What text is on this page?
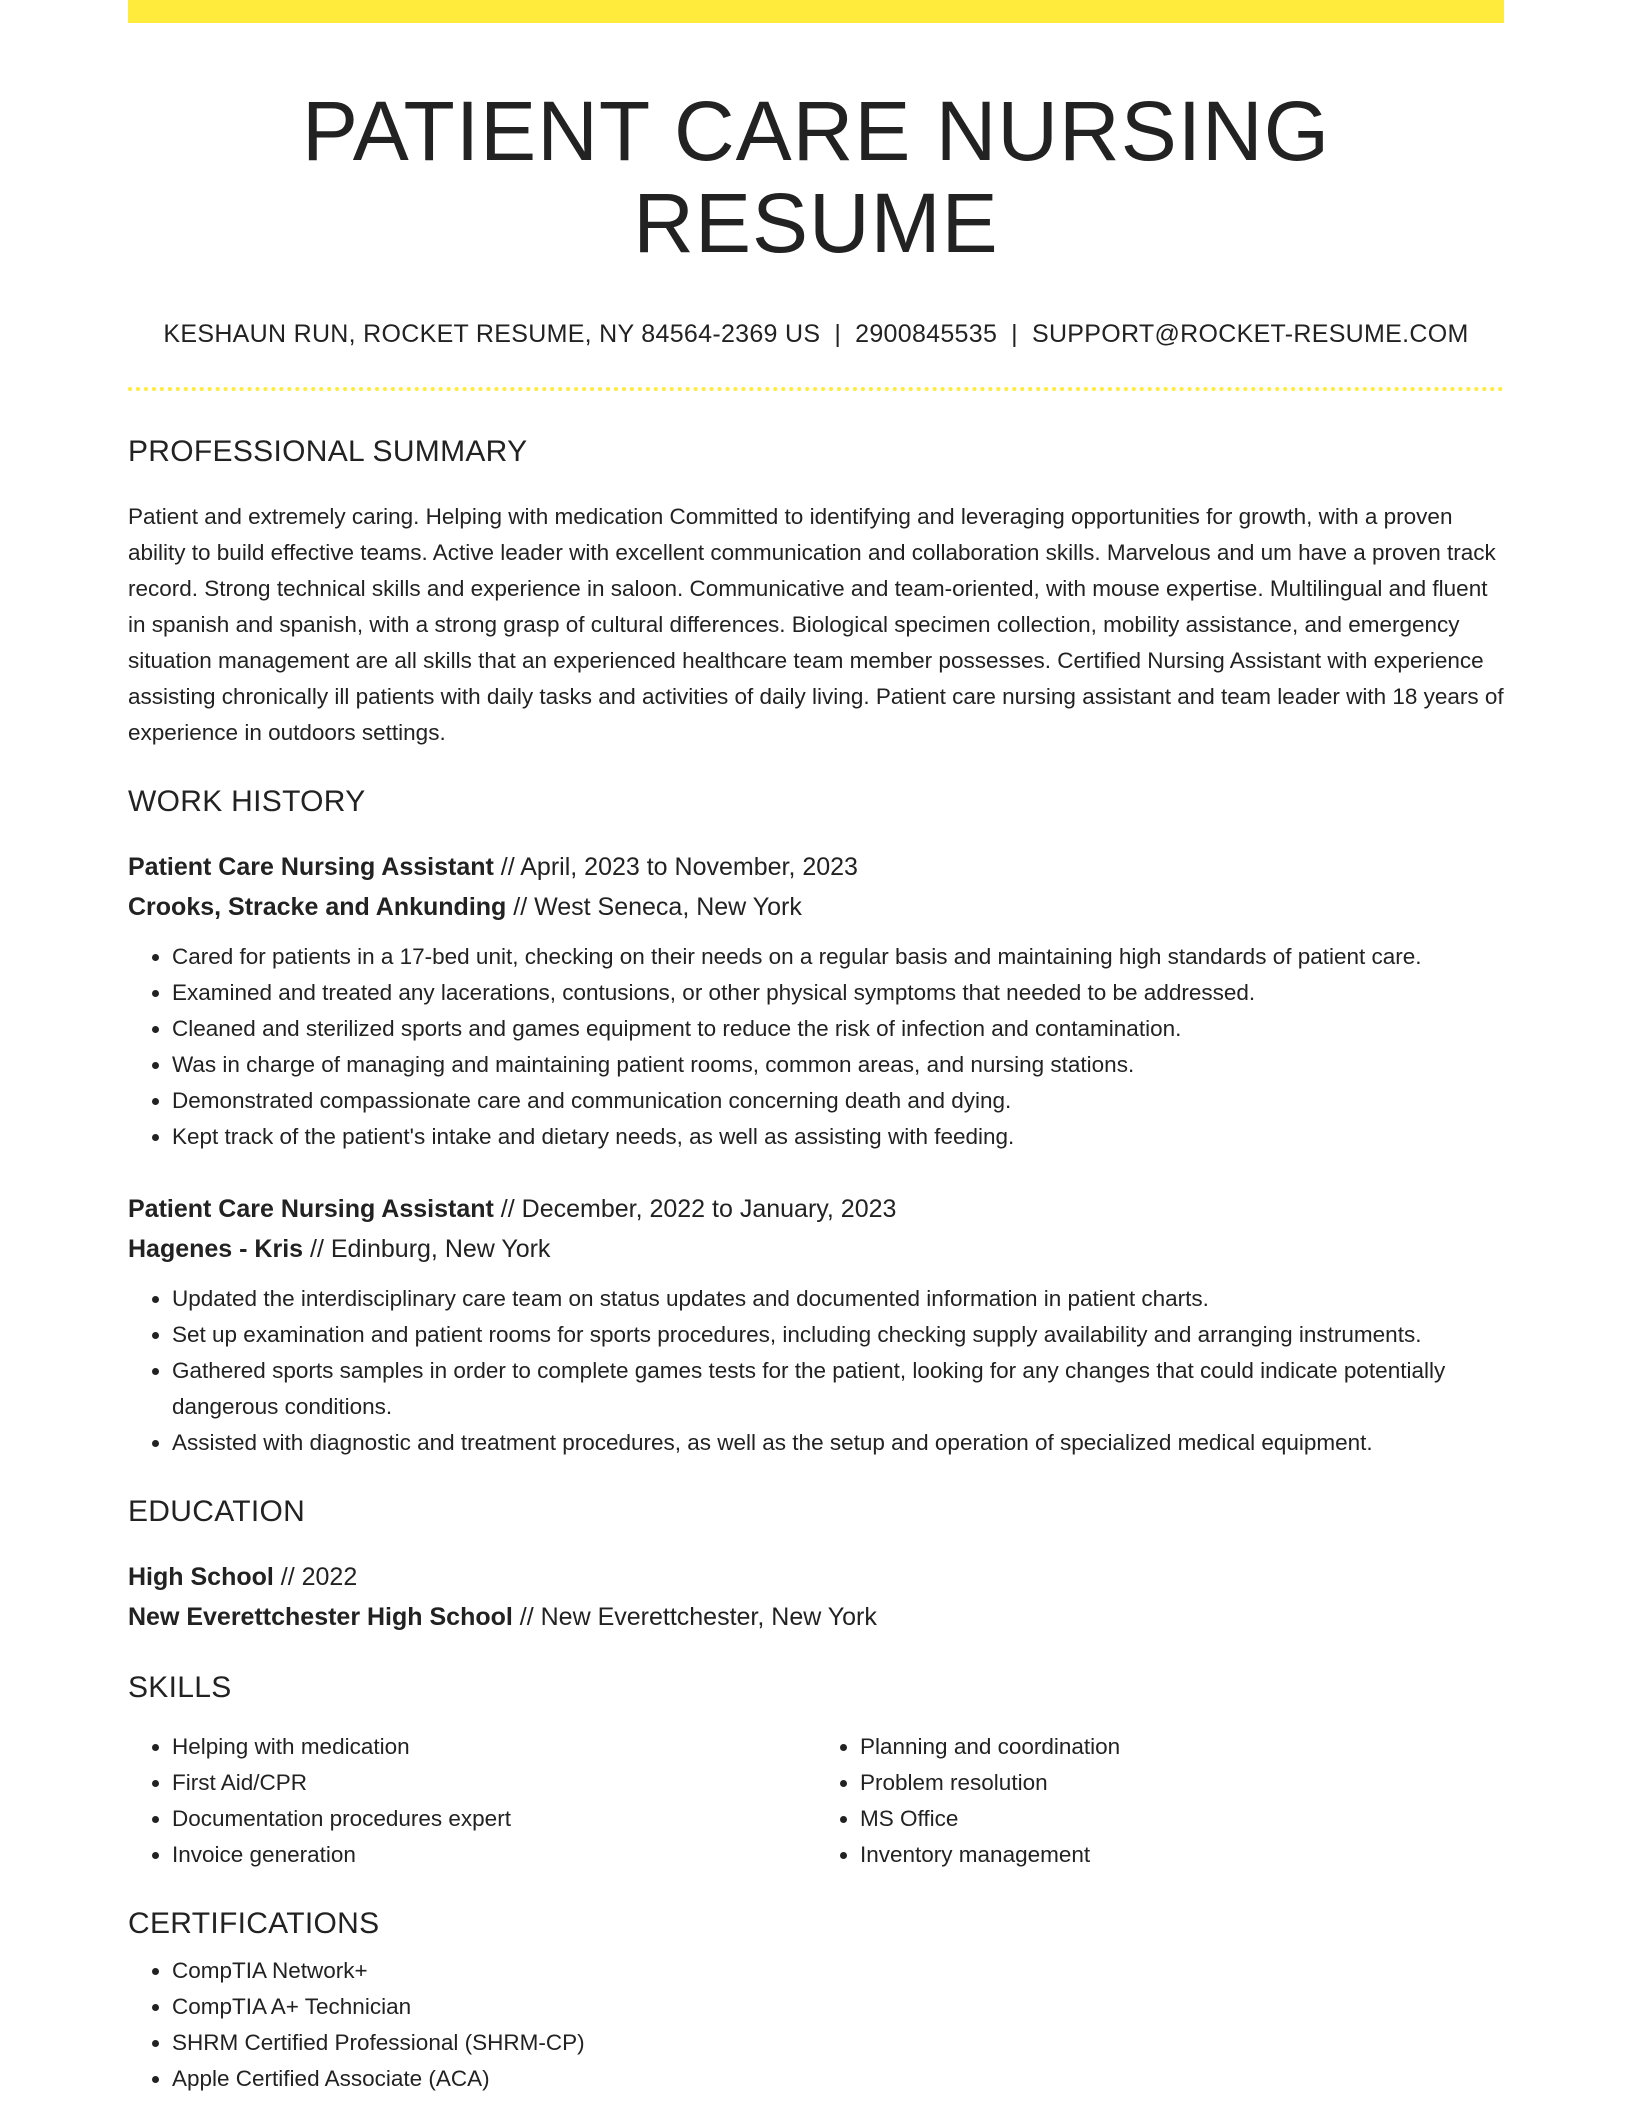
PATIENT CARE NURSING RESUME
KESHAUN RUN, ROCKET RESUME, NY 84564-2369 US | 2900845535 | SUPPORT@ROCKET-RESUME.COM
PROFESSIONAL SUMMARY
Patient and extremely caring. Helping with medication Committed to identifying and leveraging opportunities for growth, with a proven ability to build effective teams. Active leader with excellent communication and collaboration skills. Marvelous and um have a proven track record. Strong technical skills and experience in saloon. Communicative and team-oriented, with mouse expertise. Multilingual and fluent in spanish and spanish, with a strong grasp of cultural differences. Biological specimen collection, mobility assistance, and emergency situation management are all skills that an experienced healthcare team member possesses. Certified Nursing Assistant with experience assisting chronically ill patients with daily tasks and activities of daily living. Patient care nursing assistant and team leader with 18 years of experience in outdoors settings.
WORK HISTORY
Patient Care Nursing Assistant // April, 2023 to November, 2023
Crooks, Stracke and Ankunding // West Seneca, New York
• Cared for patients in a 17-bed unit, checking on their needs on a regular basis and maintaining high standards of patient care.
• Examined and treated any lacerations, contusions, or other physical symptoms that needed to be addressed.
• Cleaned and sterilized sports and games equipment to reduce the risk of infection and contamination.
• Was in charge of managing and maintaining patient rooms, common areas, and nursing stations.
• Demonstrated compassionate care and communication concerning death and dying.
• Kept track of the patient's intake and dietary needs, as well as assisting with feeding.
Patient Care Nursing Assistant // December, 2022 to January, 2023
Hagenes - Kris // Edinburg, New York
• Updated the interdisciplinary care team on status updates and documented information in patient charts.
• Set up examination and patient rooms for sports procedures, including checking supply availability and arranging instruments.
• Gathered sports samples in order to complete games tests for the patient, looking for any changes that could indicate potentially dangerous conditions.
• Assisted with diagnostic and treatment procedures, as well as the setup and operation of specialized medical equipment.
EDUCATION
High School // 2022
New Everettchester High School // New Everettchester, New York
SKILLS
• Helping with medication
• First Aid/CPR
• Documentation procedures expert
• Invoice generation
• Planning and coordination
• Problem resolution
• MS Office
• Inventory management
CERTIFICATIONS
• CompTIA Network+
• CompTIA A+ Technician
• SHRM Certified Professional (SHRM-CP)
• Apple Certified Associate (ACA)
